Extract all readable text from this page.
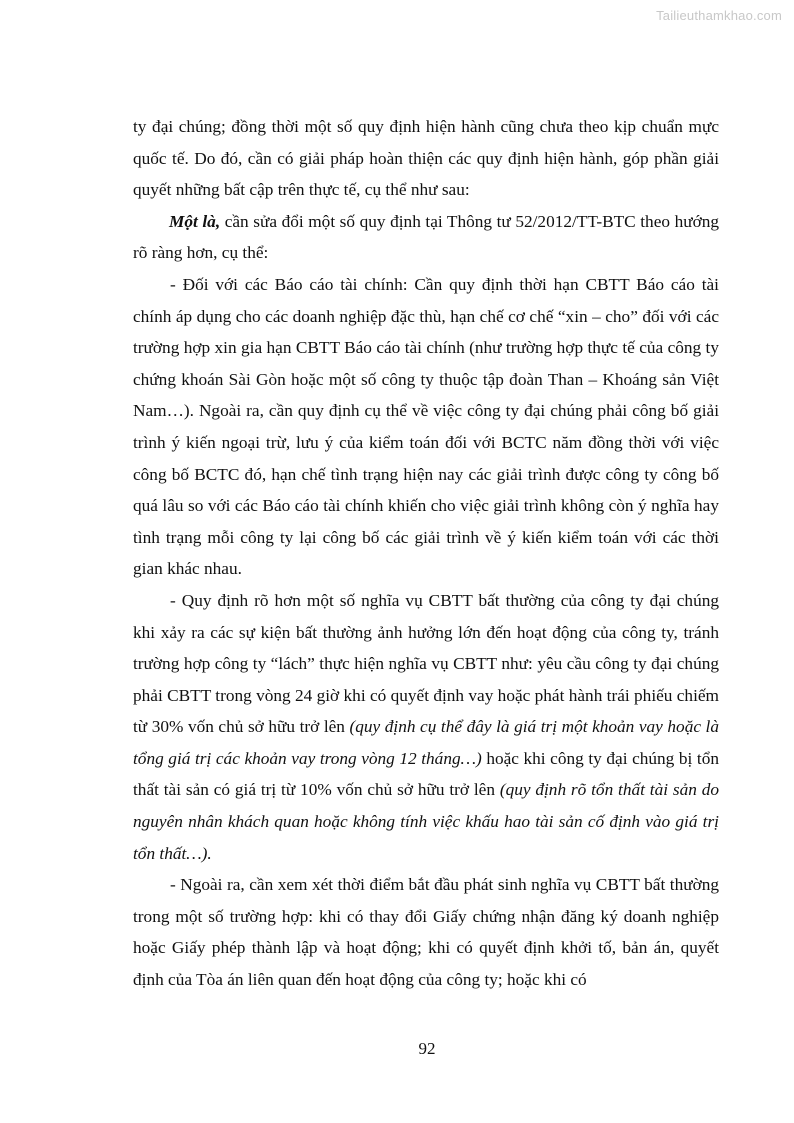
Tailieuthamkhao.com

ty đại chúng; đồng thời một số quy định hiện hành cũng chưa theo kịp chuẩn mực quốc tế. Do đó, cần có giải pháp hoàn thiện các quy định hiện hành, góp phần giải quyết những bất cập trên thực tế, cụ thể như sau:

Một là, cần sửa đổi một số quy định tại Thông tư 52/2012/TT-BTC theo hướng rõ ràng hơn, cụ thể:

- Đối với các Báo cáo tài chính: Cần quy định thời hạn CBTT Báo cáo tài chính áp dụng cho các doanh nghiệp đặc thù, hạn chế cơ chế “xin – cho” đối với các trường hợp xin gia hạn CBTT Báo cáo tài chính (như trường hợp thực tế của công ty chứng khoán Sài Gòn hoặc một số công ty thuộc tập đoàn Than – Khoáng sản Việt Nam…). Ngoài ra, cần quy định cụ thể về việc công ty đại chúng phải công bố giải trình ý kiến ngoại trừ, lưu ý của kiểm toán đối với BCTC năm đồng thời với việc công bố BCTC đó, hạn chế tình trạng hiện nay các giải trình được công ty công bố quá lâu so với các Báo cáo tài chính khiến cho việc giải trình không còn ý nghĩa hay tình trạng mỗi công ty lại công bố các giải trình về ý kiến kiểm toán với các thời gian khác nhau.

- Quy định rõ hơn một số nghĩa vụ CBTT bất thường của công ty đại chúng khi xảy ra các sự kiện bất thường ảnh hưởng lớn đến hoạt động của công ty, tránh trường hợp công ty “lách” thực hiện nghĩa vụ CBTT như: yêu cầu công ty đại chúng phải CBTT trong vòng 24 giờ khi có quyết định vay hoặc phát hành trái phiếu chiếm từ 30% vốn chủ sở hữu trở lên (quy định cụ thể đây là giá trị một khoản vay hoặc là tổng giá trị các khoản vay trong vòng 12 tháng…) hoặc khi công ty đại chúng bị tổn thất tài sản có giá trị từ 10% vốn chủ sở hữu trở lên (quy định rõ tổn thất tài sản do nguyên nhân khách quan hoặc không tính việc khấu hao tài sản cố định vào giá trị tổn thất…).

- Ngoài ra, cần xem xét thời điểm bắt đầu phát sinh nghĩa vụ CBTT bất thường trong một số trường hợp: khi có thay đổi Giấy chứng nhận đăng ký doanh nghiệp hoặc Giấy phép thành lập và hoạt động; khi có quyết định khởi tố, bản án, quyết định của Tòa án liên quan đến hoạt động của công ty; hoặc khi có

92
